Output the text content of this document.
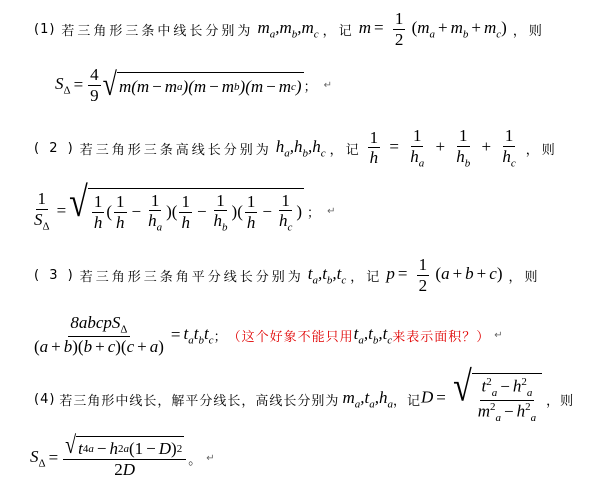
(1) 若三角形三条中线长分别为 $m_a,m_b,m_c$ ，记 $m = \frac{1}{2} (m_a + m_b + m_c)$ ，则
$S_\Delta = \frac{4}{9}$ √ m(m − m a )(m − m b )(m − m c ) ； ↵
( 2 ) 若三角形三条高线长分别为 $h_a,h_b,h_c$ ，记 $\frac{1}{h} = \frac{1}{h_a} + \frac{1}{h_b} + \frac{1}{h_c}$ ，则
$\frac{1}{S_\Delta}$ = √ $\frac{1}{h}$ ( $\frac{1}{h} - \frac{1}{h_a}$ ) ( $\frac{1}{h} - \frac{1}{h_b}$ ) ( $\frac{1}{h} - \frac{1}{h_c}$ ) ； ↵
( 3 ) 若三角形三条角平分线长分别为 $t_a,t_b,t_c$ ，记 $p = \frac{1}{2} (a + b + c)$ ，则
$\frac{8abcpS_\Delta}{(a + b)(b + c)(c + a)} = t_at_bt_c$ ； （这个好象不能只用 $t_a,t_b,t_c$ 来表示面积？） ↵
(4) 若三角形中线长，解平分线长，高线长分别为 $m_a,t_a,h_a$ ，记 D = √ $\frac{t^2_a - h^2_a}{m^2_a - h^2_a}$ ，则
$S_\Delta = \frac{√ t 4 a - h 2 a (1 - D ) 2}{2D}$ 。 ↵
